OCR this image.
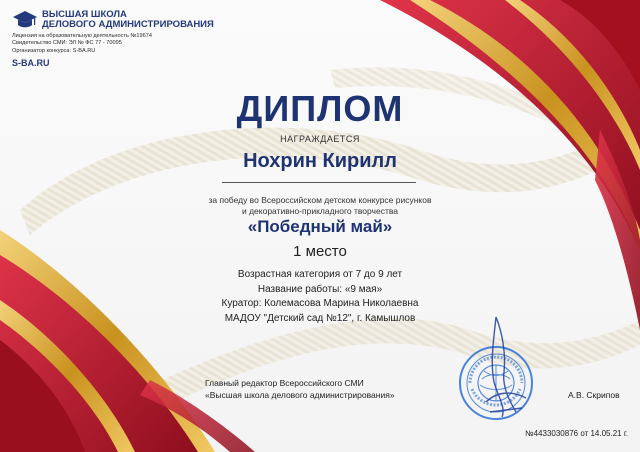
ВЫСШАЯ ШКОЛА
ДЕЛОВОГО АДМИНИСТРИРОВАНИЯ
Лицензия на образовательную деятельность №19674
Свидетельство СМИ: ЭЛ № ФС 77 - 70095
Организатор конкурса: S-BA.RU
S-BA.RU
ДИПЛОМ
НАГРАЖДАЕТСЯ
Нохрин Кирилл
за победу во Всероссийском детском конкурсе рисунков
и декоративно-прикладного творчества
«Победный май»
1 место
Возрастная категория от 7 до 9 лет
Название работы: «9 мая»
Куратор: Колемасова Марина Николаевна
МАДОУ "Детский сад №12", г. Камышлов
Главный редактор Всероссийского СМИ
«Высшая школа делового администрирования»	А.В. Скрипов
№4433030876 от 14.05.21 г.
